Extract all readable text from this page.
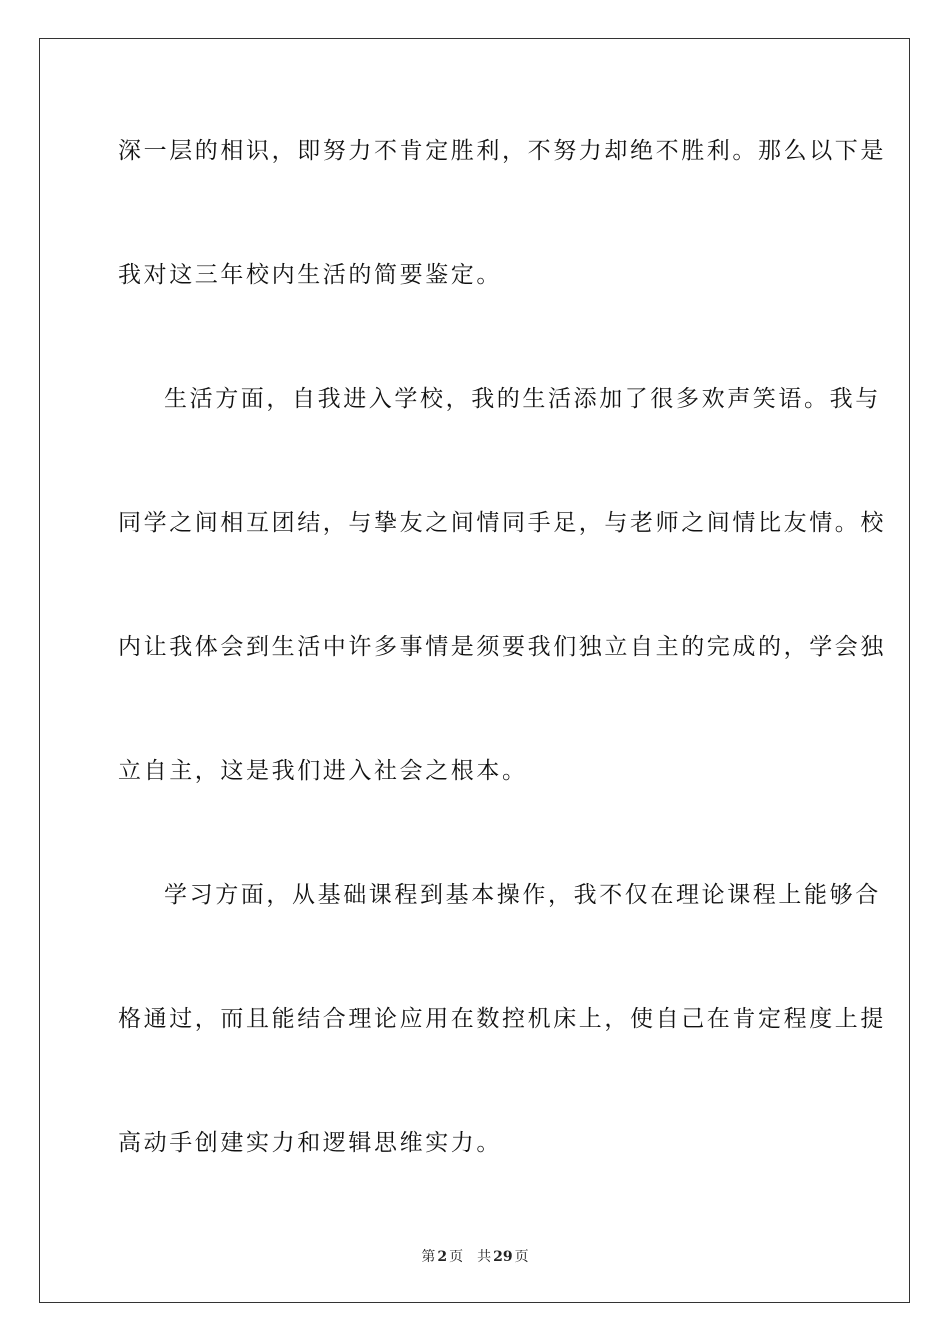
深一层的相识，即努力不肯定胜利，不努力却绝不胜利。那么以下是
我对这三年校内生活的简要鉴定。
生活方面，自我进入学校，我的生活添加了很多欢声笑语。我与
同学之间相互团结，与挚友之间情同手足，与老师之间情比友情。校
内让我体会到生活中许多事情是须要我们独立自主的完成的，学会独
立自主，这是我们进入社会之根本。
学习方面，从基础课程到基本操作，我不仅在理论课程上能够合
格通过，而且能结合理论应用在数控机床上，使自己在肯定程度上提
高动手创建实力和逻辑思维实力。
第 2 页 共 29 页
